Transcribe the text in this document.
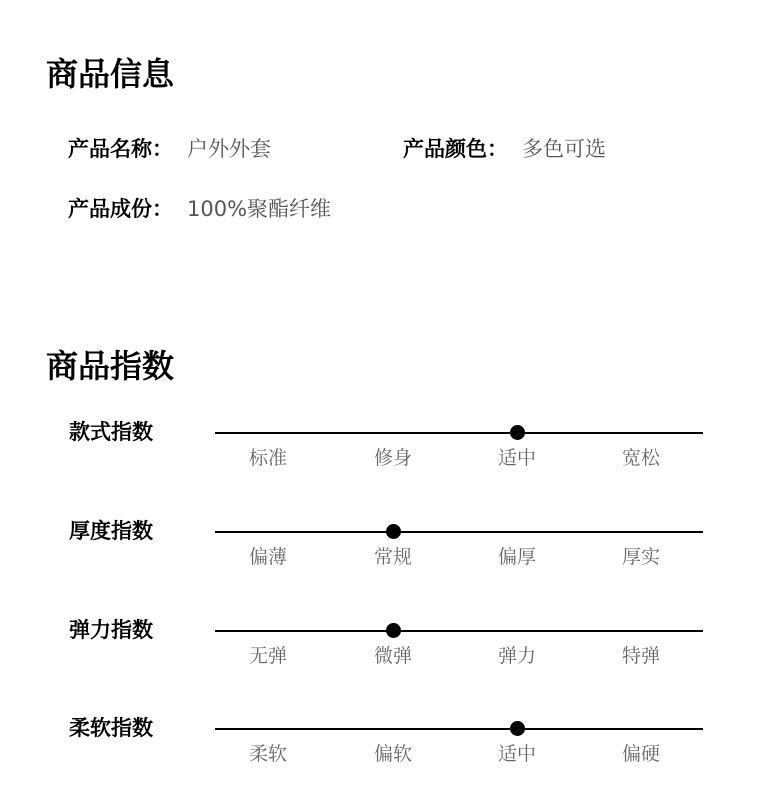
商品信息
产品名称： 户外外套	产品颜色： 多色可选
产品成份： 100%聚酯纤维
商品指数
款式指数
标准	修身	适中	宽松
厚度指数
偏薄	常规	偏厚	厚实
弹力指数
无弹	微弹	弹力	特弹
柔软指数
柔软	偏软	适中	偏硬
